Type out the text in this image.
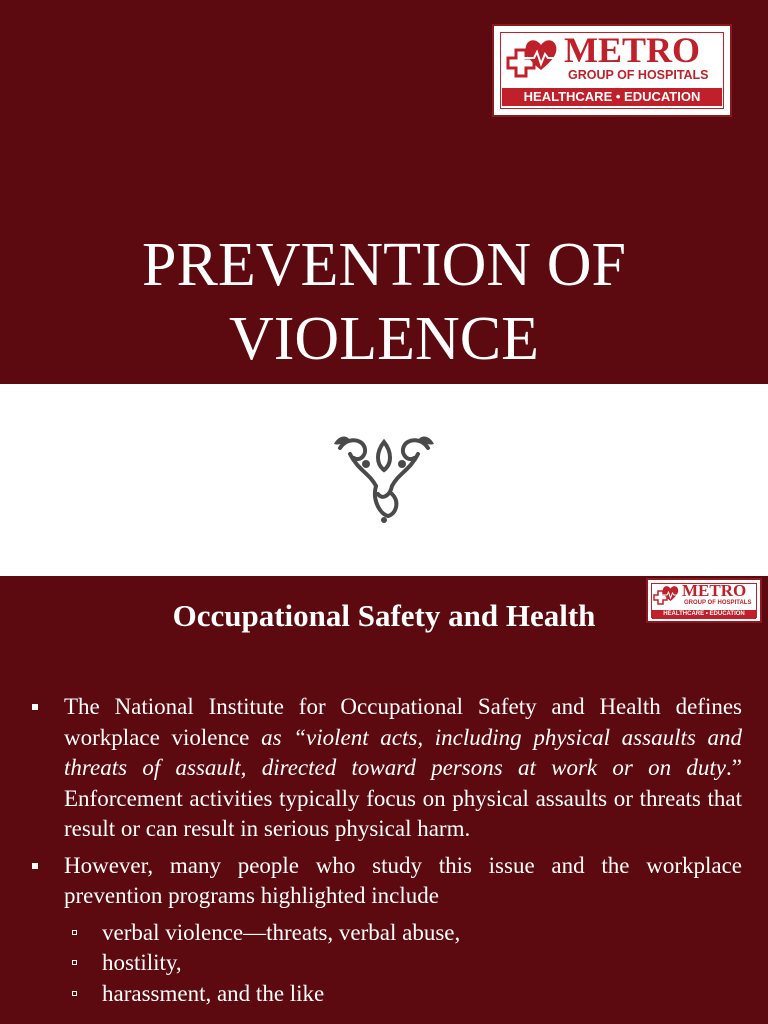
METRO
GROUP OF HOSPITALS
HEALTHCARE • EDUCATION
PREVENTION OF
VIOLENCE
METRO
GROUP OF HOSPITALS
HEALTHCARE • EDUCATION
Occupational Safety and Health
The National Institute for Occupational Safety and Health defines workplace violence as “violent acts, including physical assaults and threats of assault, directed toward persons at work or on duty.” Enforcement activities typically focus on physical assaults or threats that result or can result in serious physical harm.
However, many people who study this issue and the workplace prevention programs highlighted include
verbal violence—threats, verbal abuse,
hostility,
harassment, and the like
